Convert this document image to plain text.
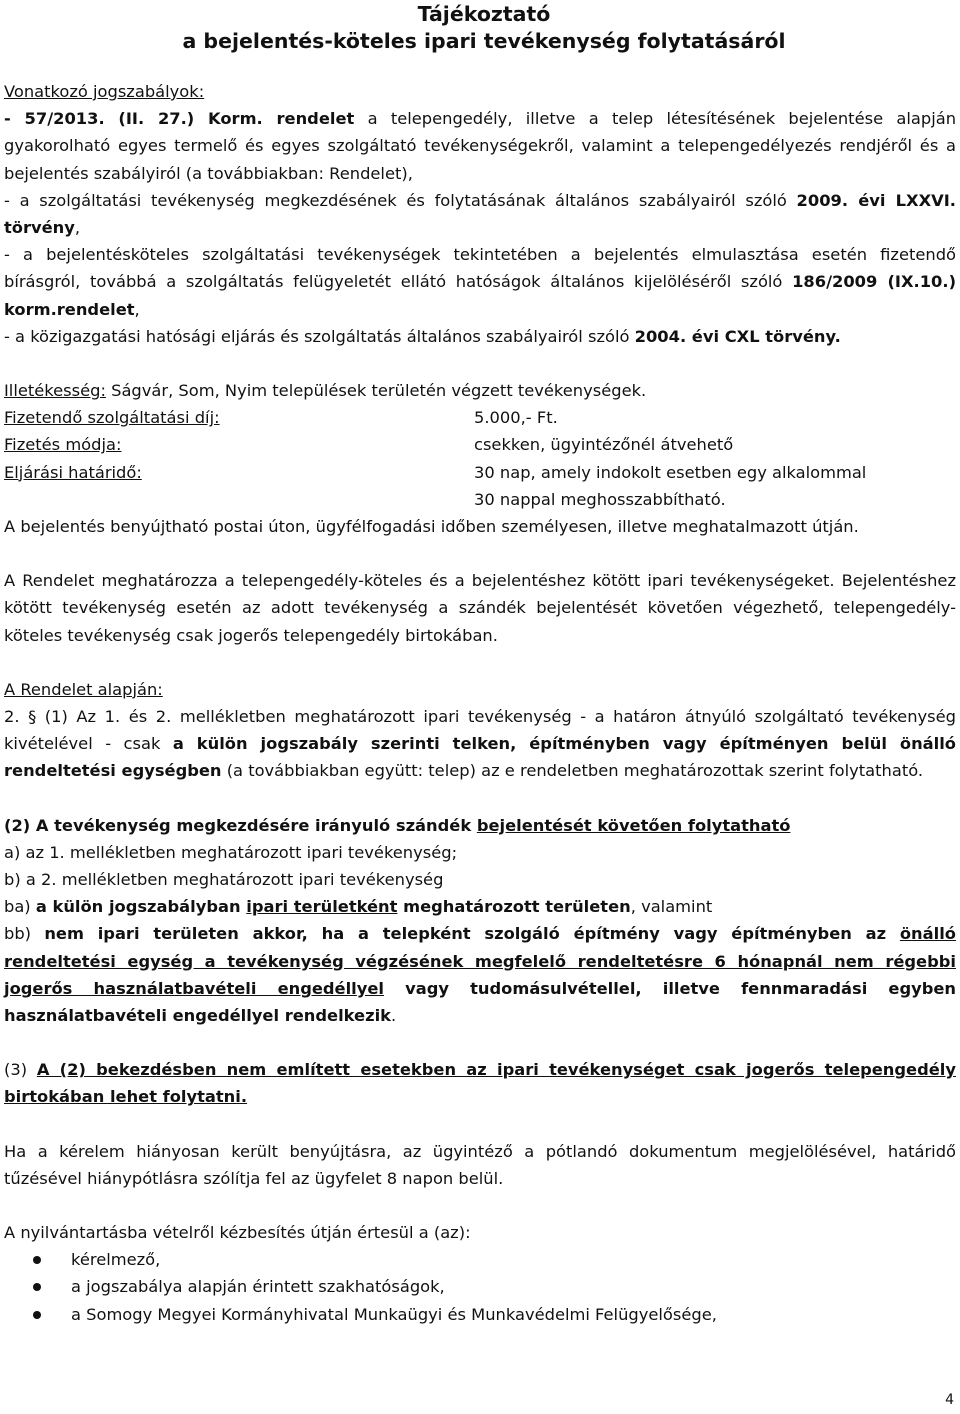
Tájékoztató

a bejelentés-köteles ipari tevékenység folytatásáról

Vonatkozó jogszabályok:

- 57/2013. (II. 27.) Korm. rendelet a telepengedély, illetve a telep létesítésének bejelentése alapján gyakorolható egyes termelő és egyes szolgáltató tevékenységekről, valamint a telepengedélyezés rendjéről és a bejelentés szabályiról (a továbbiakban: Rendelet),

- a szolgáltatási tevékenység megkezdésének és folytatásának általános szabályairól szóló 2009. évi LXXVI. törvény,

- a bejelentésköteles szolgáltatási tevékenységek tekintetében a bejelentés elmulasztása esetén fizetendő bírásgról, továbbá a szolgáltatás felügyeletét ellátó hatóságok általános kijelöléséről szóló 186/2009 (IX.10.) korm.rendelet,

- a közigazgatási hatósági eljárás és szolgáltatás általános szabályairól szóló 2004. évi CXL törvény.

Illetékesség: Ságvár, Som, Nyim települések területén végzett tevékenységek.

Fizetendő szolgáltatási díj:	5.000,- Ft.
Fizetés módja:	csekken, ügyintézőnél átvehető
Eljárási határidő:	30 nap, amely indokolt esetben egy alkalommal
30 nappal meghosszabbítható.

A bejelentés benyújtható postai úton, ügyfélfogadási időben személyesen, illetve meghatalmazott útján.

A Rendelet meghatározza a telepengedély-köteles és a bejelentéshez kötött ipari tevékenységeket. Bejelentéshez kötött tevékenység esetén az adott tevékenység a szándék bejelentését követően végezhető, telepengedély-köteles tevékenység csak jogerős telepengedély birtokában.

A Rendelet alapján:

2. § (1) Az 1. és 2. mellékletben meghatározott ipari tevékenység - a határon átnyúló szolgáltató tevékenység kivételével - csak a külön jogszabály szerinti telken, építményben vagy építményen belül önálló rendeltetési egységben (a továbbiakban együtt: telep) az e rendeletben meghatározottak szerint folytatható.

(2) A tevékenység megkezdésére irányuló szándék bejelentését követően folytatható

a) az 1. mellékletben meghatározott ipari tevékenység;

b) a 2. mellékletben meghatározott ipari tevékenység

ba) a külön jogszabályban ipari területként meghatározott területen, valamint

bb) nem ipari területen akkor, ha a telepként szolgáló építmény vagy építményben az önálló rendeltetési egység a tevékenység végzésének megfelelő rendeltetésre 6 hónapnál nem régebbi jogerős használatbavételi engedéllyel vagy tudomásulvétellel, illetve fennmaradási egyben használatbavételi engedéllyel rendelkezik.

(3) A (2) bekezdésben nem említett esetekben az ipari tevékenységet csak jogerős telepengedély birtokában lehet folytatni.

Ha a kérelem hiányosan került benyújtásra, az ügyintéző a pótlandó dokumentum megjelölésével, határidő tűzésével hiánypótlásra szólítja fel az ügyfelet 8 napon belül.

A nyilvántartásba vételről kézbesítés útján értesül a (az):

kérelmező,
a jogszabálya alapján érintett szakhatóságok,
a Somogy Megyei Kormányhivatal Munkaügyi és Munkavédelmi Felügyelősége,
4
